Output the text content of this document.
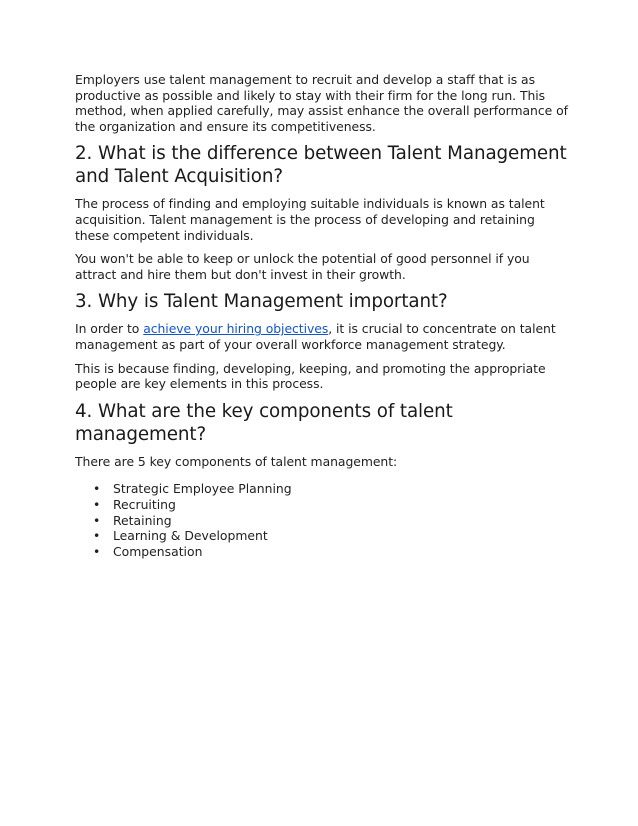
Employers use talent management to recruit and develop a staff that is as productive as possible and likely to stay with their firm for the long run. This method, when applied carefully, may assist enhance the overall performance of the organization and ensure its competitiveness.

2. What is the difference between Talent Management and Talent Acquisition?

The process of finding and employing suitable individuals is known as talent acquisition. Talent management is the process of developing and retaining these competent individuals.

You won't be able to keep or unlock the potential of good personnel if you attract and hire them but don't invest in their growth.

3. Why is Talent Management important?

In order to achieve your hiring objectives, it is crucial to concentrate on talent management as part of your overall workforce management strategy.

This is because finding, developing, keeping, and promoting the appropriate people are key elements in this process.

4. What are the key components of talent management?

There are 5 key components of talent management:

• Strategic Employee Planning
• Recruiting
• Retaining
• Learning & Development
• Compensation
